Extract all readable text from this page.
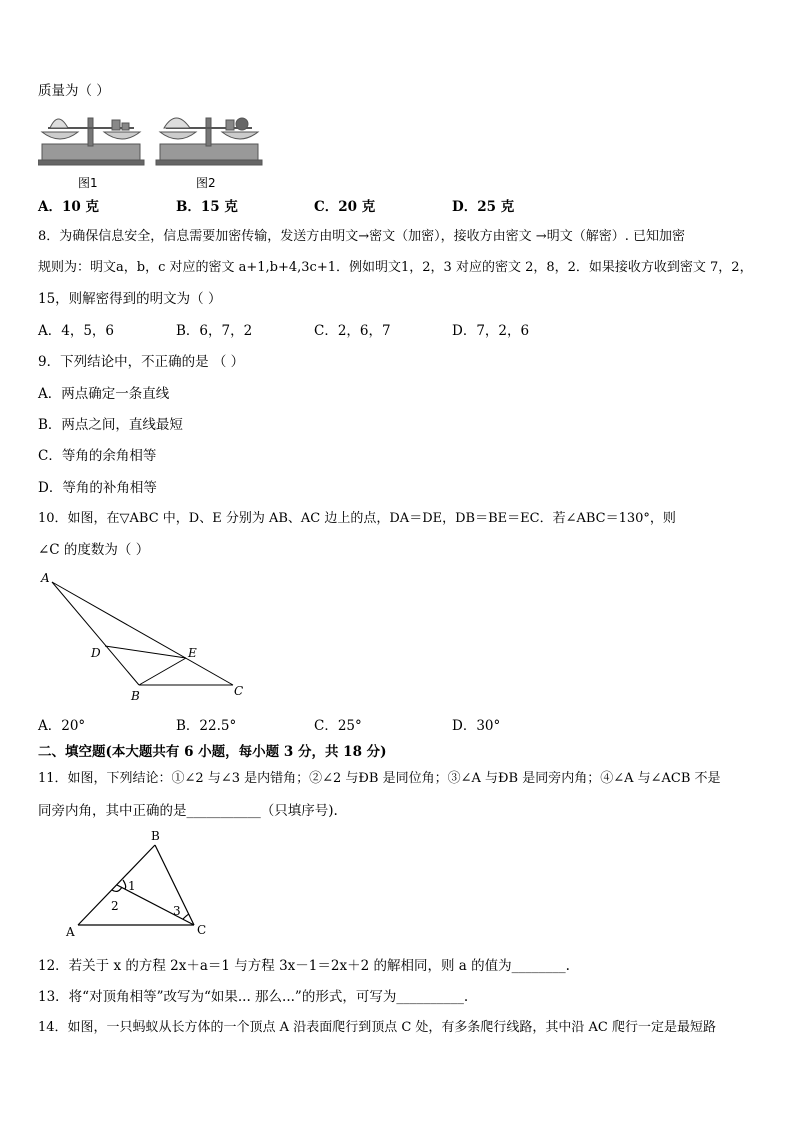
质量为（ ）
图1	图2
A．10 克	B．15 克	C．20 克	D．25 克
8．为确保信息安全，信息需要加密传输，发送方由明文→密文（加密），接收方由密文 →明文（解密）. 已知加密
规则为：明文a，b，c 对应的密文 a+1,b+4,3c+1．例如明文1，2，3 对应的密文 2，8，2．如果接收方收到密文 7，2，
15，则解密得到的明文为（ ）
A．4，5，6	B．6，7，2	C．2，6，7	D．7，2，6
9．下列结论中，不正确的是 （ ）
A．两点确定一条直线
B．两点之间，直线最短
C．等角的余角相等
D．等角的补角相等
10．如图，在▽ABC 中，D、E 分别为 AB、AC 边上的点，DA＝DE，DB＝BE＝EC．若∠ABC＝130°，则
∠C 的度数为（ ）
A
D	E
B	C
A．20°	B．22.5°	C．25°	D．30°
二、填空题(本大题共有 6 小题，每小题 3 分，共 18 分)
11．如图，下列结论：①∠2 与∠3 是内错角；②∠2 与ÐB 是同位角；③∠A 与ÐB 是同旁内角；④∠A 与∠ACB 不是
同旁内角，其中正确的是___________（只填序号).
B
A	C
1
2	3
12．若关于 x 的方程 2x＋a＝1 与方程 3x－1＝2x＋2 的解相同，则 a 的值为________.
13．将“对顶角相等”改写为“如果... 那么...”的形式，可写为__________.
14．如图，一只蚂蚁从长方体的一个顶点 A 沿表面爬行到顶点 C 处，有多条爬行线路，其中沿 AC 爬行一定是最短路
